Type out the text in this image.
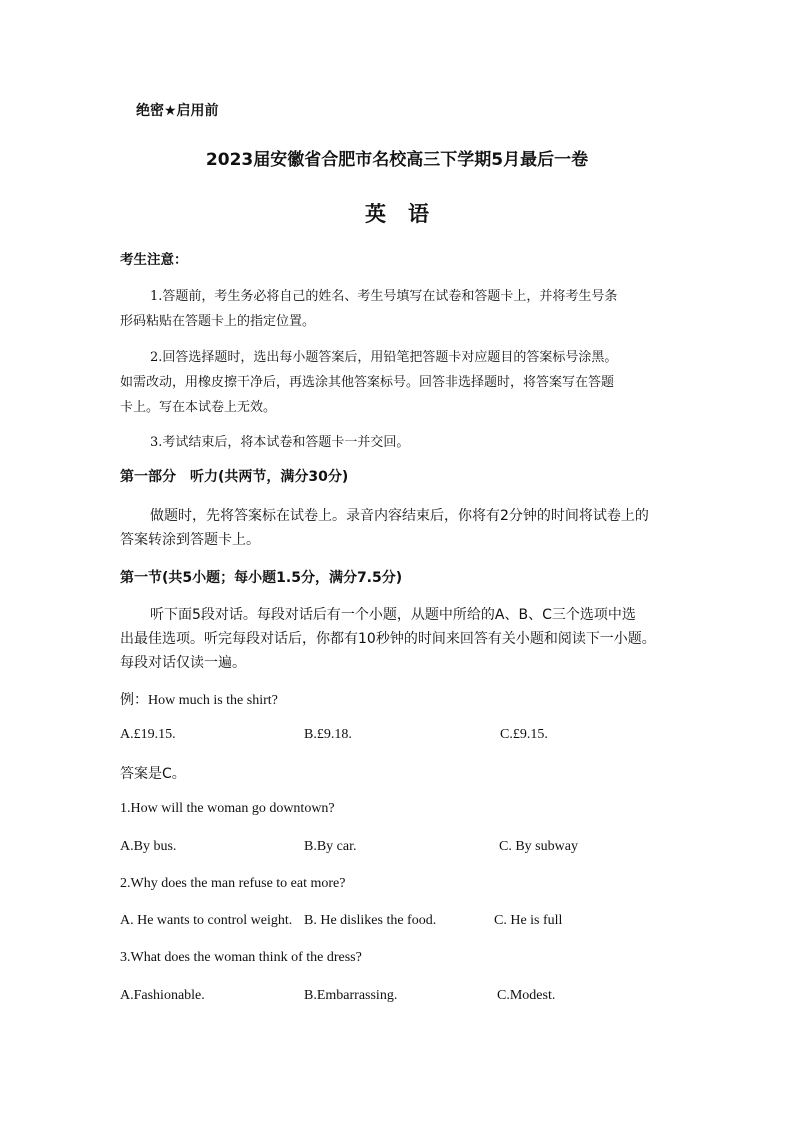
绝密★启用前
2023届安徽省合肥市名校高三下学期5月最后一卷
英语
考生注意：
1.答题前，考生务必将自己的姓名、考生号填写在试卷和答题卡上，并将考生号条
形码粘贴在答题卡上的指定位置。
2.回答选择题时，选出每小题答案后，用铅笔把答题卡对应题目的答案标号涂黑。
如需改动，用橡皮擦干净后，再选涂其他答案标号。回答非选择题时，将答案写在答题
卡上。写在本试卷上无效。
3.考试结束后，将本试卷和答题卡一并交回。
第一部分　听力(共两节，满分30分)
做题时，先将答案标在试卷上。录音内容结束后，你将有2分钟的时间将试卷上的
答案转涂到答题卡上。
第一节(共5小题；每小题1.5分，满分7.5分)
听下面5段对话。每段对话后有一个小题，从题中所给的A、B、C三个选项中选
出最佳选项。听完每段对话后，你都有10秒钟的时间来回答有关小题和阅读下一小题。
每段对话仅读一遍。
例：How much is the shirt?
A.£19.15.	B.£9.18.	C.£9.15.
答案是C。
1.How will the woman go downtown?
A.By bus.	B.By car.	C. By subway
2.Why does the man refuse to eat more?
A. He wants to control weight. B. He dislikes the food.	C. He is full
3.What does the woman think of the dress?
A.Fashionable.	B.Embarrassing.	C.Modest.
